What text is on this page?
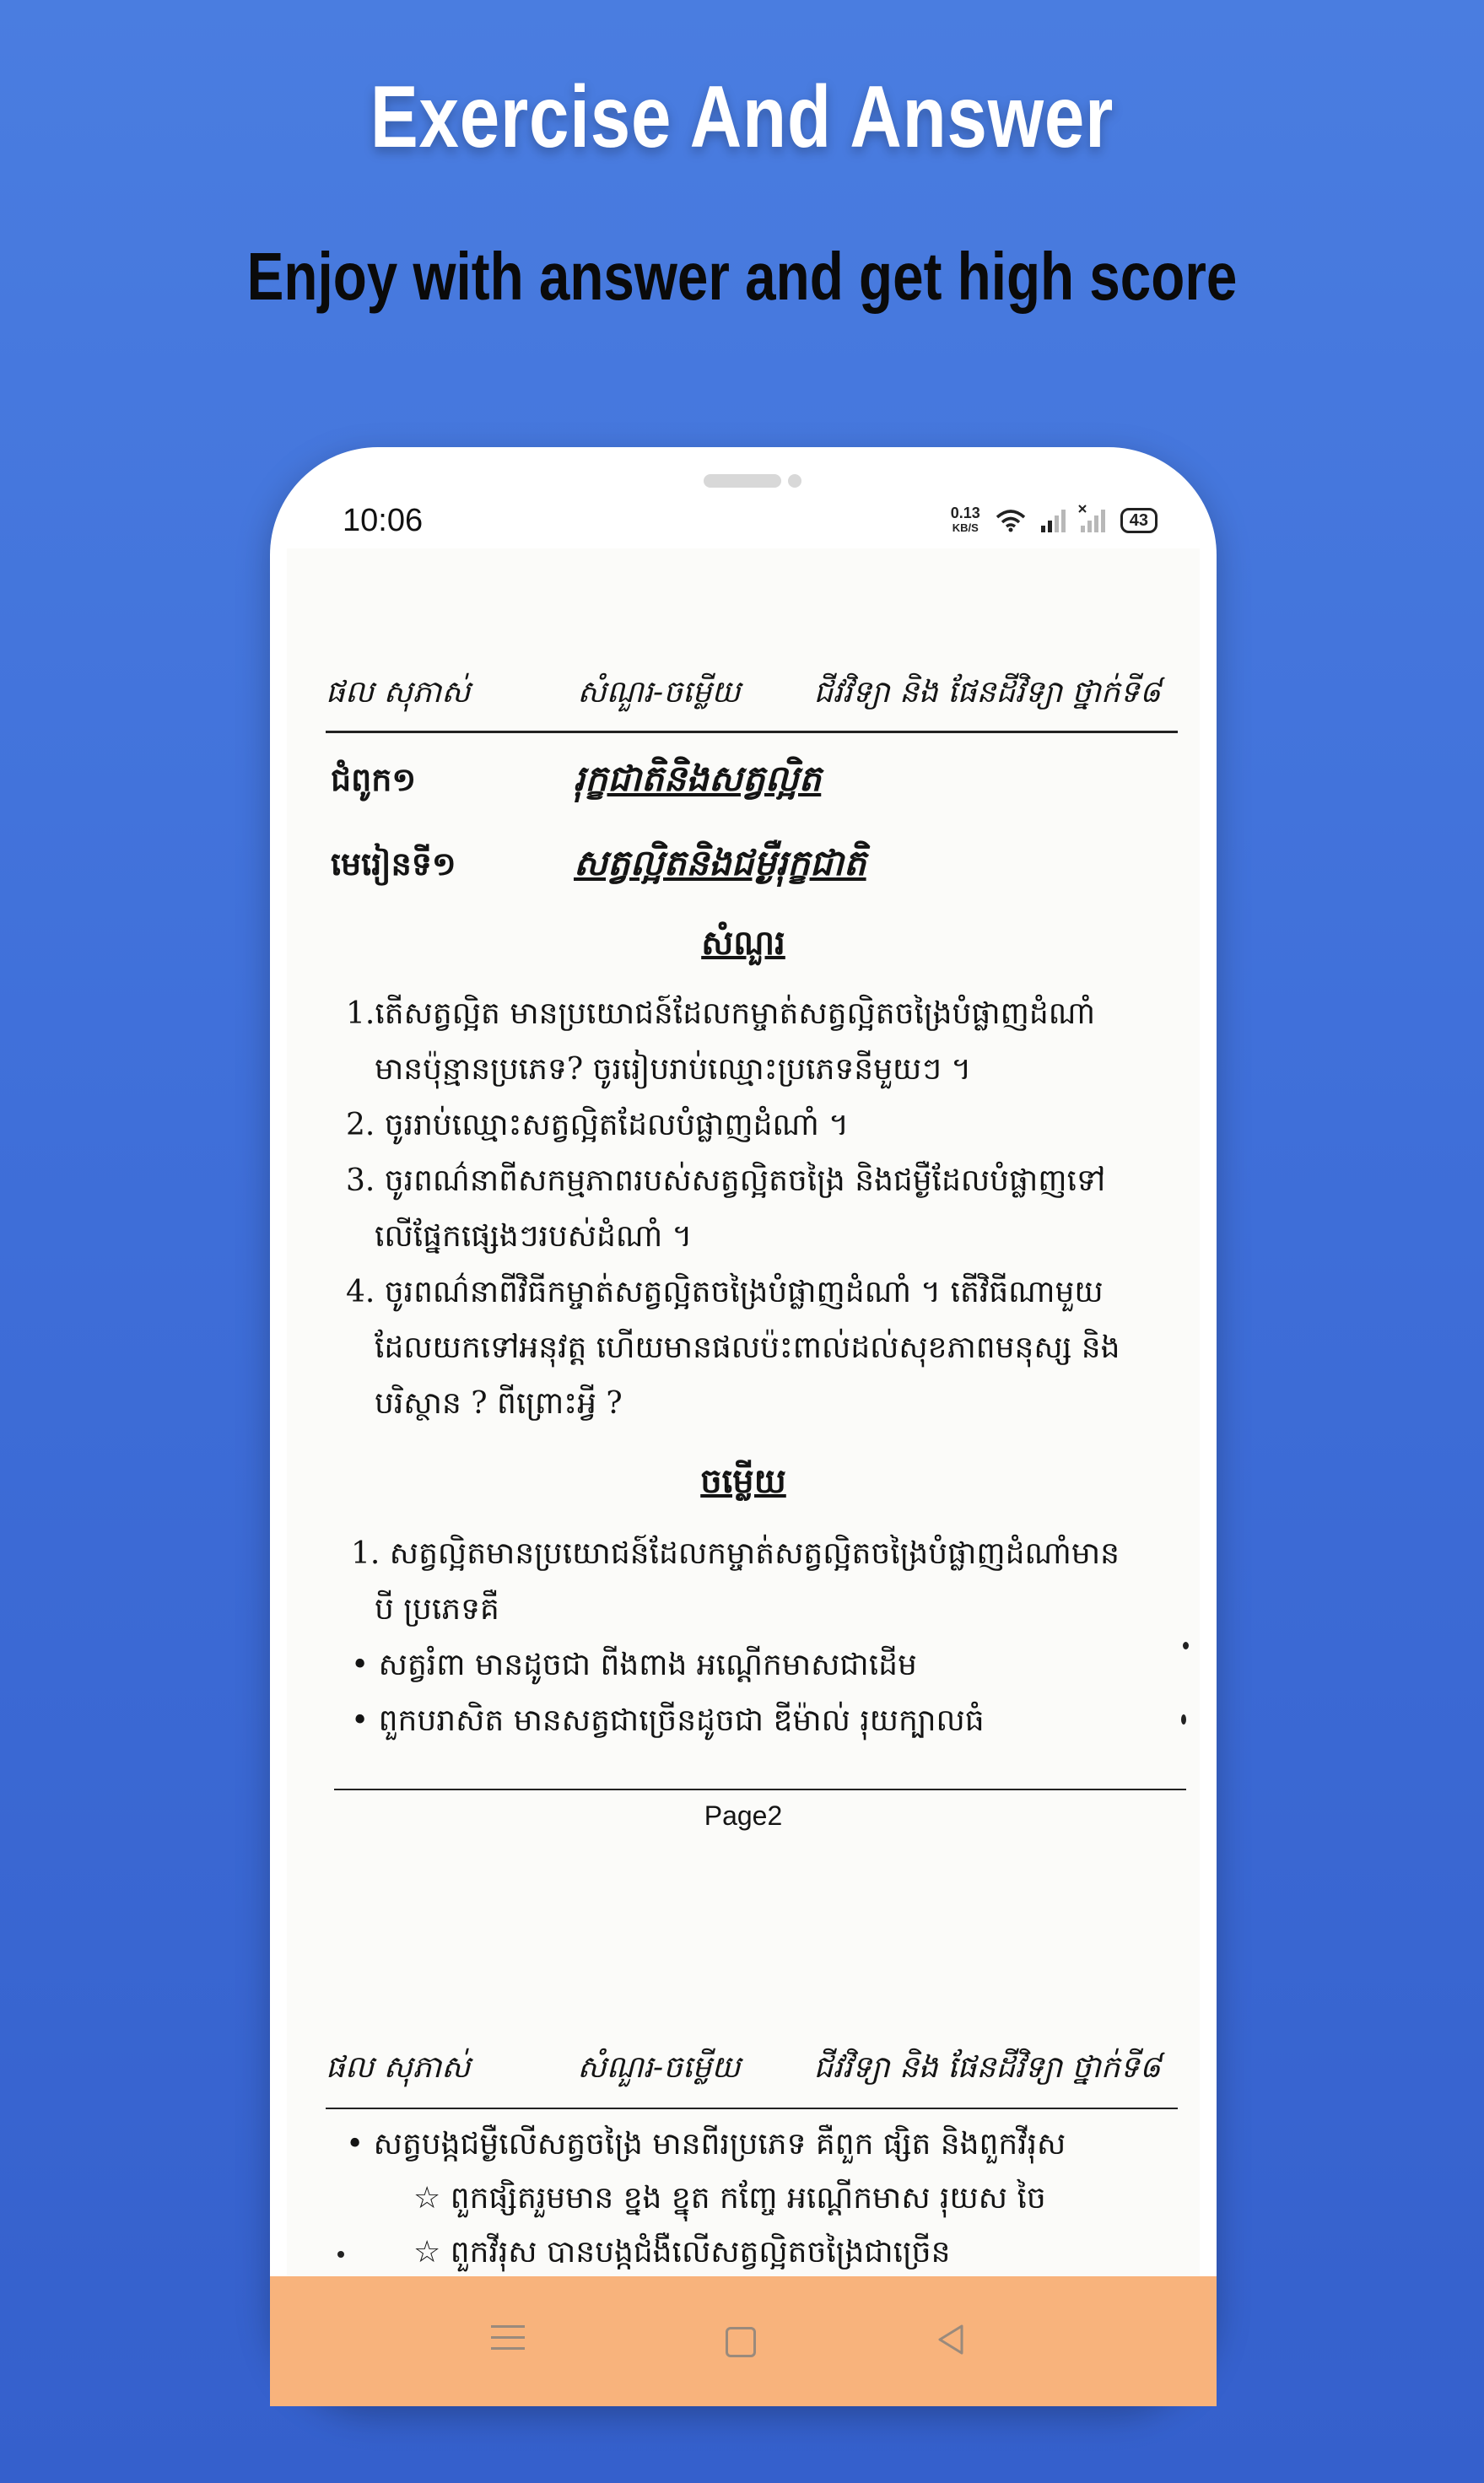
Exercise And Answer
Enjoy with answer and get high score
10:06	0.13
KB/S	43
ផល សុភាស់	សំណួរ-ចម្លើយ ជីវវិទ្យា និង ផែនដីវិទ្យា ថ្នាក់ទី៨
ជំពូក១	រុក្ខជាតិនិងសត្វល្អិត
មេរៀនទី១	សត្វល្អិតនិងជម្ងឺរុក្ខជាតិ
សំណួរ
1.តើសត្វល្អិត មានប្រយោជន៍ដែលកម្ចាត់សត្វល្អិតចង្រៃបំផ្លាញដំណាំ
មានប៉ុន្មានប្រភេទ? ចូររៀបរាប់ឈ្មោះប្រភេទនីមួយៗ ។
2. ចូររាប់ឈ្មោះសត្វល្អិតដែលបំផ្លាញដំណាំ ។
3. ចូរពណ៌នាពីសកម្មភាពរបស់សត្វល្អិតចង្រៃ និងជម្ងឺដែលបំផ្លាញទៅ
លើផ្នែកផ្សេងៗរបស់ដំណាំ ។
4. ចូរពណ៌នាពីវិធីកម្ចាត់សត្វល្អិតចង្រៃបំផ្លាញដំណាំ ។ តើវិធីណាមួយ
ដែលយកទៅអនុវត្ត ហើយមានផលប៉ះពាល់ដល់សុខភាពមនុស្ស និង
បរិស្ថាន ? ពីព្រោះអ្វី ?
ចម្លើយ
1. សត្វល្អិតមានប្រយោជន៍ដែលកម្ចាត់សត្វល្អិតចង្រៃបំផ្លាញដំណាំមាន
បី ប្រភេទគឺ
• សត្វរំពា មានដូចជា ពីងពាង អណ្តើកមាសជាដើម
• ពួកបរាសិត មានសត្វជាច្រើនដូចជា ឌីម៉ាល់ រុយក្បាលធំ
Page2
ផល សុភាស់	សំណួរ-ចម្លើយ ជីវវិទ្យា និង ផែនដីវិទ្យា ថ្នាក់ទី៨
• សត្វបង្កជម្ងឺលើសត្វចង្រៃ មានពីរប្រភេទ គឺពួក ផ្សិត និងពួកវីរុស
☆ ពួកផ្សិតរួមមាន ខ្នង ខ្នុត កញ្ចែ អណ្តើកមាស រុយស ចៃ
☆ ពួកវីរុស បានបង្កជំងឺលើសត្វល្អិតចង្រៃជាច្រើន
